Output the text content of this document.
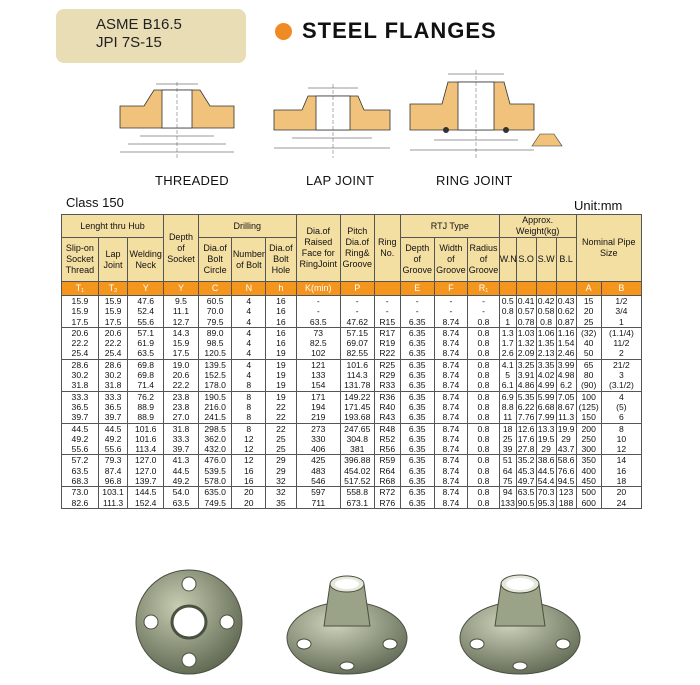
ASME B16.5
JPI 7S-15	STEEL FLANGES
THREADED	LAP JOINT	RING JOINT
Class 150	Unit:mm
Lenght thru Hub			Depth of Socket	Drilling			Dia.of Raised Face for RingJoint	Pitch Dia.of Ring& Groove	Ring No.	RTJ Type			Approx. Weight(kg)				Nominal Pipe Size	
Slip-on Socket Thread	Lap Joint	Welding Neck		Dia.of Bolt Circle	Number of Bolt	Dia.of Bolt Hole				Depth of Groove	Width of Groove	Radius of Groove	W.N	S.O	S.W	B.L		
T₁	T₂	Y	Y	C	N	h	K(min)	P		E	F	R₁					A	B
15.9	15.9	47.6	9.5	60.5	4	16	-	-	-	-	-	-	0.5	0.41	0.42	0.43	15	1/2
15.9	15.9	52.4	11.1	70.0	4	16	-	-	-	-	-	-	0.8	0.57	0.58	0.62	20	3/4
17.5	17.5	55.6	12.7	79.5	4	16	63.5	47.62	R15	6.35	8.74	0.8	1	0.78	0.8	0.87	25	1
20.6	20.6	57.1	14.3	89.0	4	16	73	57.15	R17	6.35	8.74	0.8	1.3	1.03	1.06	1.16	(32)	(1.1/4)
22.2	22.2	61.9	15.9	98.5	4	16	82.5	69.07	R19	6.35	8.74	0.8	1.7	1.32	1.35	1.54	40	11/2
25.4	25.4	63.5	17.5	120.5	4	19	102	82.55	R22	6.35	8.74	0.8	2.6	2.09	2.13	2.46	50	2
28.6	28.6	69.8	19.0	139.5	4	19	121	101.6	R25	6.35	8.74	0.8	4.1	3.25	3.35	3.99	65	21/2
30.2	30.2	69.8	20.6	152.5	4	19	133	114.3	R29	6.35	8.74	0.8	5	3.91	4.02	4.98	80	3
31.8	31.8	71.4	22.2	178.0	8	19	154	131.78	R33	6.35	8.74	0.8	6.1	4.86	4.99	6.2	(90)	(3.1/2)
33.3	33.3	76.2	23.8	190.5	8	19	171	149.22	R36	6.35	8.74	0.8	6.9	5.35	5.99	7.05	100	4
36.5	36.5	88.9	23.8	216.0	8	22	194	171.45	R40	6.35	8.74	0.8	8.8	6.22	6.68	8.67	(125)	(5)
39.7	39.7	88.9	27.0	241.5	8	22	219	193.68	R43	6.35	8.74	0.8	11	7.76	7.99	11.3	150	6
44.5	44.5	101.6	31.8	298.5	8	22	273	247.65	R48	6.35	8.74	0.8	18	12.6	13.3	19.9	200	8
49.2	49.2	101.6	33.3	362.0	12	25	330	304.8	R52	6.35	8.74	0.8	25	17.6	19.5	29	250	10
55.6	55.6	113.4	39.7	432.0	12	25	406	381	R56	6.35	8.74	0.8	39	27.8	29	43.7	300	12
57.2	79.3	127.0	41.3	476.0	12	29	425	396.88	R59	6.35	8.74	0.8	51	35.2	38.6	58.6	350	14
63.5	87.4	127.0	44.5	539.5	16	29	483	454.02	R64	6.35	8.74	0.8	64	45.3	44.5	76.6	400	16
68.3	96.8	139.7	49.2	578.0	16	32	546	517.52	R68	6.35	8.74	0.8	75	49.7	54.4	94.5	450	18
73.0	103.1	144.5	54.0	635.0	20	32	597	558.8	R72	6.35	8.74	0.8	94	63.5	70.3	123	500	20
82.6	111.3	152.4	63.5	749.5	20	35	711	673.1	R76	6.35	8.74	0.8	133	90.5	95.3	188	600	24
